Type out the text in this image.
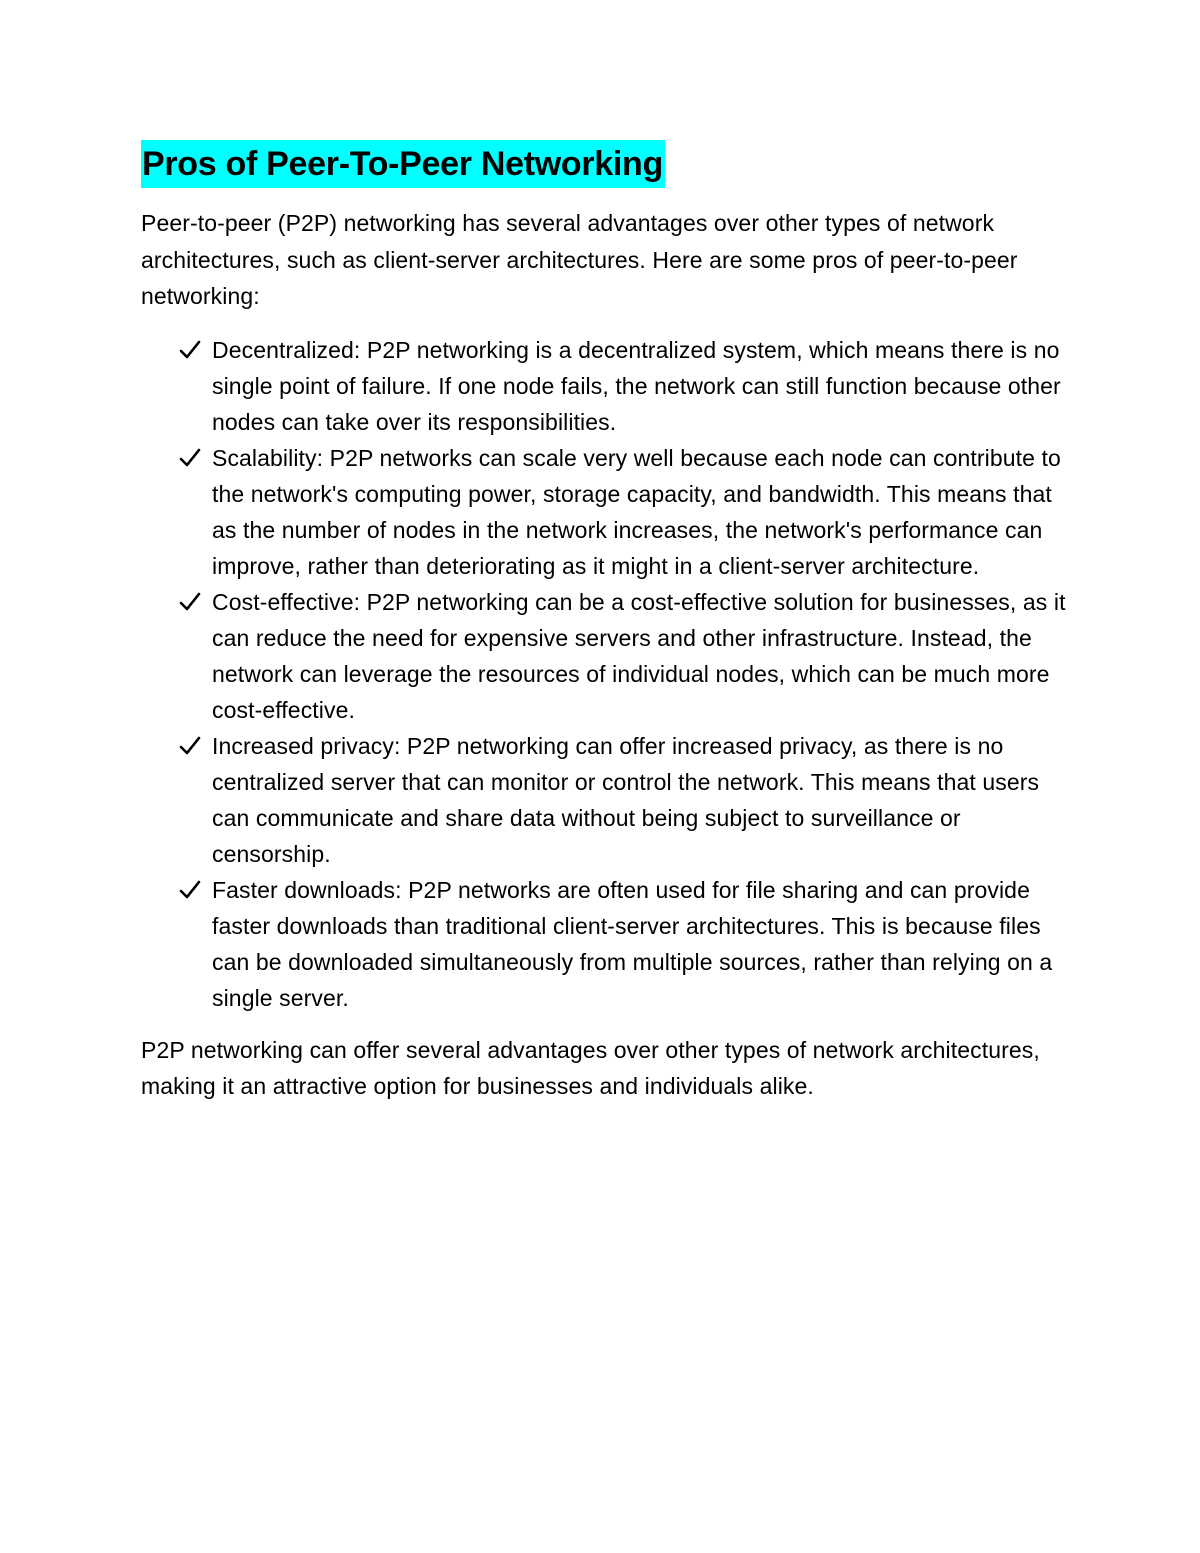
Pros of Peer-To-Peer Networking

Peer-to-peer (P2P) networking has several advantages over other types of network architectures, such as client-server architectures. Here are some pros of peer-to-peer networking:

Decentralized: P2P networking is a decentralized system, which means there is no single point of failure. If one node fails, the network can still function because other nodes can take over its responsibilities.
Scalability: P2P networks can scale very well because each node can contribute to the network's computing power, storage capacity, and bandwidth. This means that as the number of nodes in the network increases, the network's performance can improve, rather than deteriorating as it might in a client-server architecture.
Cost-effective: P2P networking can be a cost-effective solution for businesses, as it can reduce the need for expensive servers and other infrastructure. Instead, the network can leverage the resources of individual nodes, which can be much more cost-effective.
Increased privacy: P2P networking can offer increased privacy, as there is no centralized server that can monitor or control the network. This means that users can communicate and share data without being subject to surveillance or censorship.
Faster downloads: P2P networks are often used for file sharing and can provide faster downloads than traditional client-server architectures. This is because files can be downloaded simultaneously from multiple sources, rather than relying on a single server.

P2P networking can offer several advantages over other types of network architectures, making it an attractive option for businesses and individuals alike.
